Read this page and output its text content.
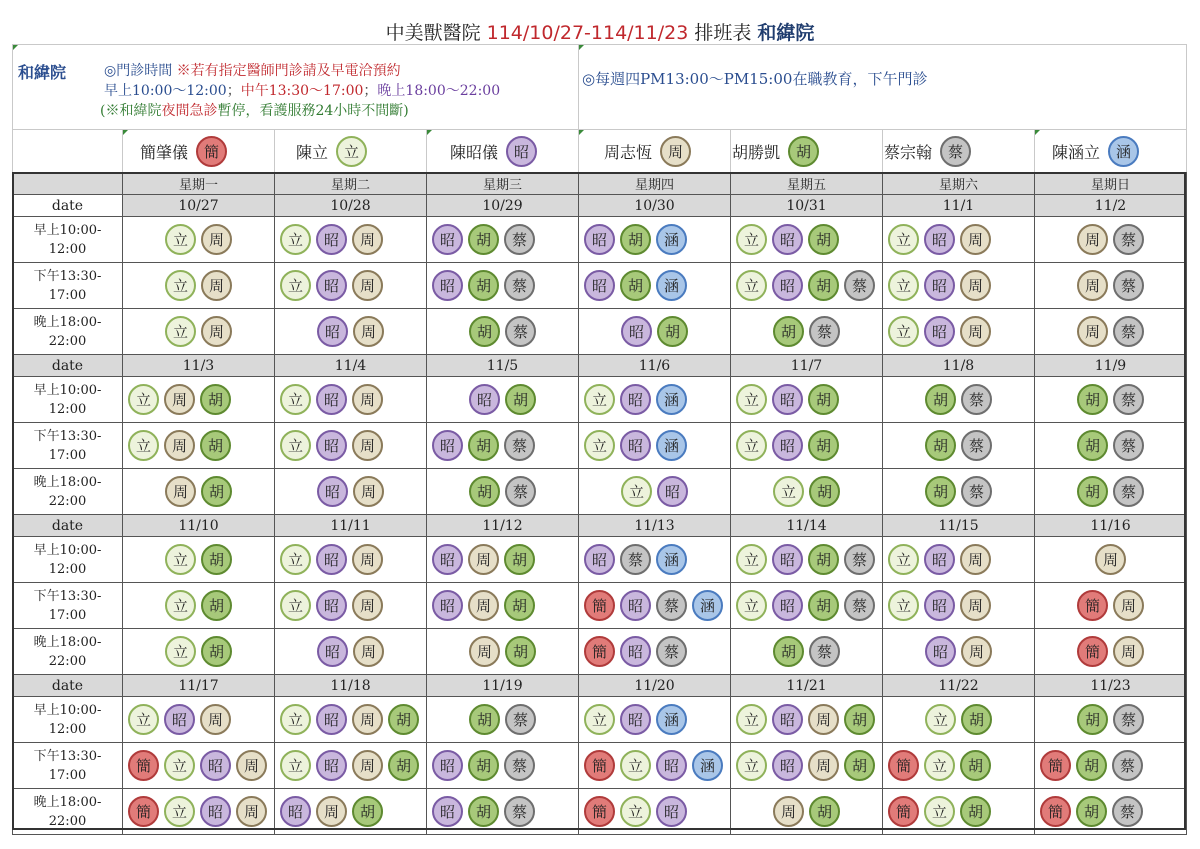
中美獸醫院 114/10/27-114/11/23 排班表 和緯院
和緯院	◎門診時間 ※若有指定醫師門診請及早電洽預約
早上10:00～12:00；中午13:30～17:00；晚上18:00～22:00
(※和緯院夜間急診暫停，看護服務24小時不間斷)
◎每週四PM13:00～PM15:00在職教育，下午門診
簡肇儀	簡	陳立	立	陳昭儀	昭	周志恆	周	胡勝凱	胡	蔡宗翰	蔡	陳涵立	涵
	星期一	星期二	星期三	星期四	星期五	星期六	星期日
date	10/27	10/28	10/29	10/30	10/31	11/1	11/2
早上10:00-
12:00	立 周	立 昭 周	昭 胡 蔡	昭 胡 涵	立 昭 胡	立 昭 周	周 蔡

下午13:30-
17:00	立 周	立 昭 周	昭 胡 蔡	昭 胡 涵	立 昭 胡 蔡	立 昭 周	周 蔡

晚上18:00-
22:00	立 周	昭 周	胡 蔡	昭 胡	胡 蔡	立 昭 周	周 蔡

date	11/3	11/4	11/5	11/6	11/7	11/8	11/9
早上10:00-
12:00	立 周 胡	立 昭 周	昭 胡	立 昭 涵	立 昭 胡	胡 蔡	胡 蔡

下午13:30-
17:00	立 周 胡	立 昭 周	昭 胡 蔡	立 昭 涵	立 昭 胡	胡 蔡	胡 蔡

晚上18:00-
22:00	周 胡	昭 周	胡 蔡	立 昭	立 胡	胡 蔡	胡 蔡

date	11/10	11/11	11/12	11/13	11/14	11/15	11/16
早上10:00-
12:00	立 胡	立 昭 周	昭 周 胡	昭 蔡 涵	立 昭 胡 蔡	立 昭 周	周

下午13:30-
17:00	立 胡	立 昭 周	昭 周 胡	簡 昭 蔡 涵	立 昭 胡 蔡	立 昭 周	簡 周

晚上18:00-
22:00	立 胡	昭 周	周 胡	簡 昭 蔡	胡 蔡	昭 周	簡 周

date	11/17	11/18	11/19	11/20	11/21	11/22	11/23
早上10:00-
12:00	立 昭 周	立 昭 周 胡	胡 蔡	立 昭 涵	立 昭 周 胡	立 胡	胡 蔡

下午13:30-
17:00	簡 立 昭 周	立 昭 周 胡	昭 胡 蔡	簡 立 昭 涵	立 昭 周 胡	簡 立 胡	簡 胡 蔡

晚上18:00-
22:00	簡 立 昭 周	昭 周 胡	昭 胡 蔡	簡 立 昭	周 胡	簡 立 胡	簡 胡 蔡
